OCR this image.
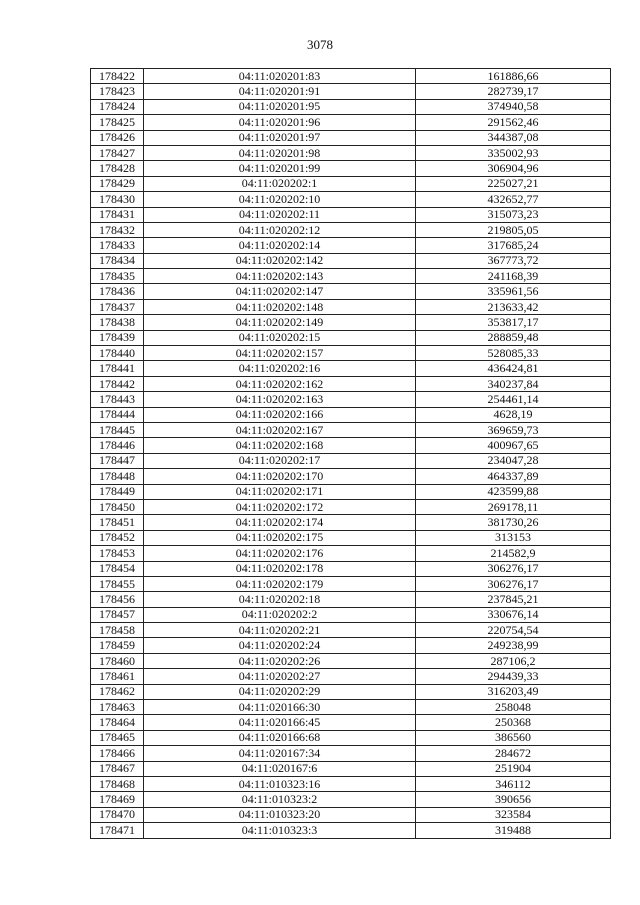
3078
178422	04:11:020201:83	161886,66
178423	04:11:020201:91	282739,17
178424	04:11:020201:95	374940,58
178425	04:11:020201:96	291562,46
178426	04:11:020201:97	344387,08
178427	04:11:020201:98	335002,93
178428	04:11:020201:99	306904,96
178429	04:11:020202:1	225027,21
178430	04:11:020202:10	432652,77
178431	04:11:020202:11	315073,23
178432	04:11:020202:12	219805,05
178433	04:11:020202:14	317685,24
178434	04:11:020202:142	367773,72
178435	04:11:020202:143	241168,39
178436	04:11:020202:147	335961,56
178437	04:11:020202:148	213633,42
178438	04:11:020202:149	353817,17
178439	04:11:020202:15	288859,48
178440	04:11:020202:157	528085,33
178441	04:11:020202:16	436424,81
178442	04:11:020202:162	340237,84
178443	04:11:020202:163	254461,14
178444	04:11:020202:166	4628,19
178445	04:11:020202:167	369659,73
178446	04:11:020202:168	400967,65
178447	04:11:020202:17	234047,28
178448	04:11:020202:170	464337,89
178449	04:11:020202:171	423599,88
178450	04:11:020202:172	269178,11
178451	04:11:020202:174	381730,26
178452	04:11:020202:175	313153
178453	04:11:020202:176	214582,9
178454	04:11:020202:178	306276,17
178455	04:11:020202:179	306276,17
178456	04:11:020202:18	237845,21
178457	04:11:020202:2	330676,14
178458	04:11:020202:21	220754,54
178459	04:11:020202:24	249238,99
178460	04:11:020202:26	287106,2
178461	04:11:020202:27	294439,33
178462	04:11:020202:29	316203,49
178463	04:11:020166:30	258048
178464	04:11:020166:45	250368
178465	04:11:020166:68	386560
178466	04:11:020167:34	284672
178467	04:11:020167:6	251904
178468	04:11:010323:16	346112
178469	04:11:010323:2	390656
178470	04:11:010323:20	323584
178471	04:11:010323:3	319488
